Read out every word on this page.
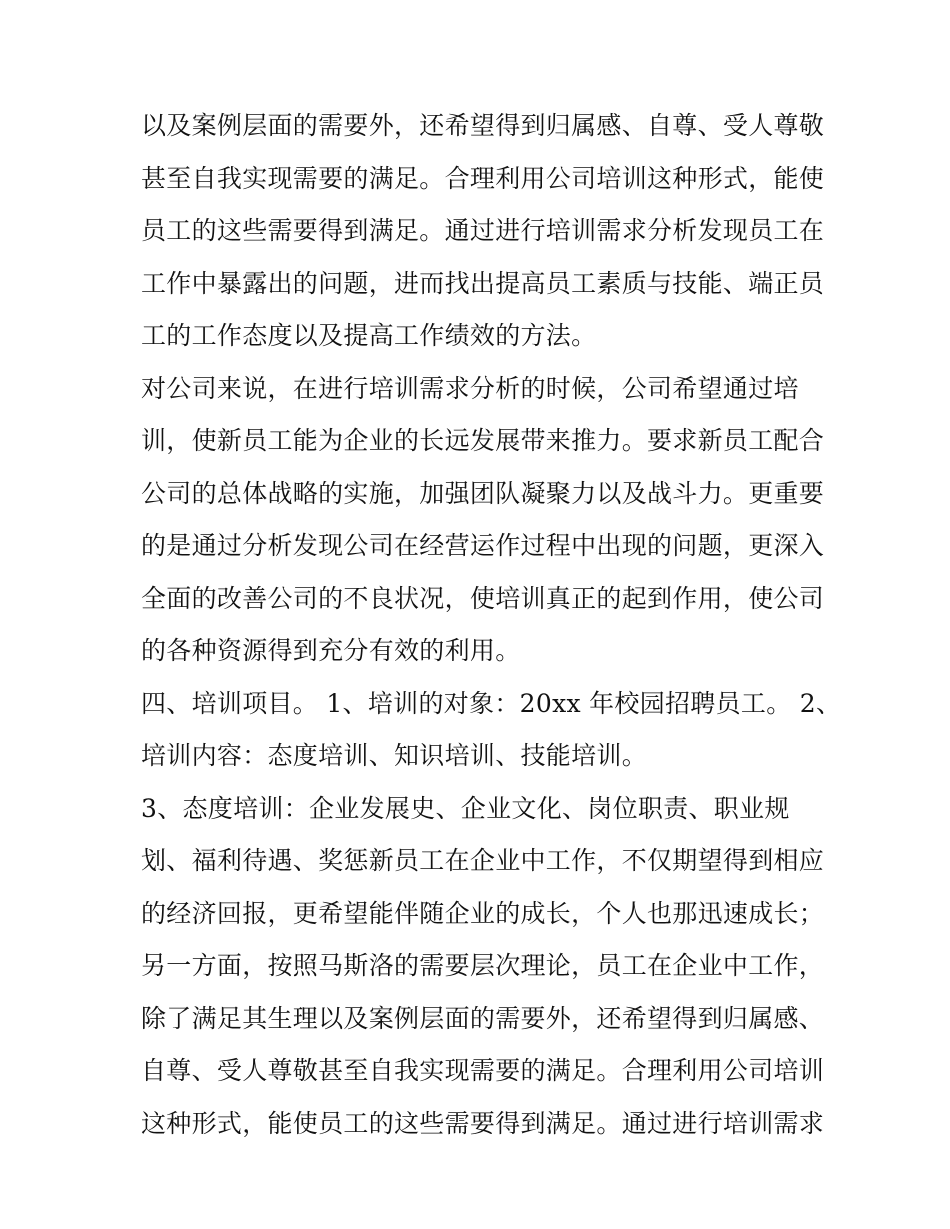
以及案例层面的需要外，还希望得到归属感、自尊、受人尊敬
甚至自我实现需要的满足。合理利用公司培训这种形式，能使
员工的这些需要得到满足。通过进行培训需求分析发现员工在
工作中暴露出的问题，进而找出提高员工素质与技能、端正员
工的工作态度以及提高工作绩效的方法。
对公司来说，在进行培训需求分析的时候，公司希望通过培
训，使新员工能为企业的长远发展带来推力。要求新员工配合
公司的总体战略的实施，加强团队凝聚力以及战斗力。更重要
的是通过分析发现公司在经营运作过程中出现的问题，更深入
全面的改善公司的不良状况，使培训真正的起到作用，使公司
的各种资源得到充分有效的利用。
四、培训项目。 1、培训的对象：20xx 年校园招聘员工。 2、
培训内容：态度培训、知识培训、技能培训。
3、态度培训：企业发展史、企业文化、岗位职责、职业规
划、福利待遇、奖惩新员工在企业中工作，不仅期望得到相应
的经济回报，更希望能伴随企业的成长，个人也那迅速成长；
另一方面，按照马斯洛的需要层次理论，员工在企业中工作，
除了满足其生理以及案例层面的需要外，还希望得到归属感、
自尊、受人尊敬甚至自我实现需要的满足。合理利用公司培训
这种形式，能使员工的这些需要得到满足。通过进行培训需求
